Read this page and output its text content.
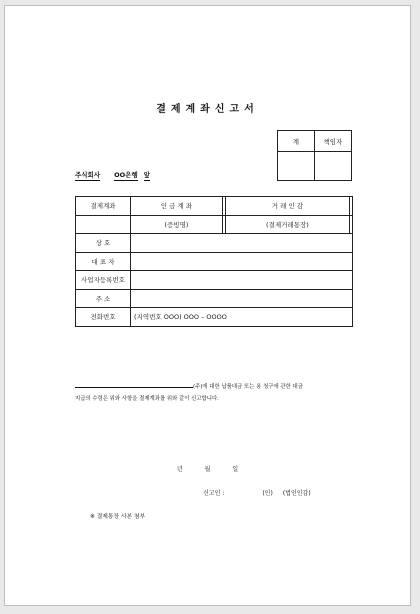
결제계좌신고서
계	책임자

주식회사 OO은행 앞
결제계좌	인 금 계 좌		거 래 인 감	
	(증빙명)		(결제거래통장)	
상 호				
대 표 자				
사업자등록번호				
주 소				
전화번호	(지역번호 OOO) OOO – OOOO			
(주)에 대한 납품대금 또는 용 청구에 관한 대금
지급의 수령은 위와 사항을 결제계좌를 위와 같이 신고합니다.
년	월	일
신고인 :	(인) (법인인감)
※ 결제통장 사본 첨부
